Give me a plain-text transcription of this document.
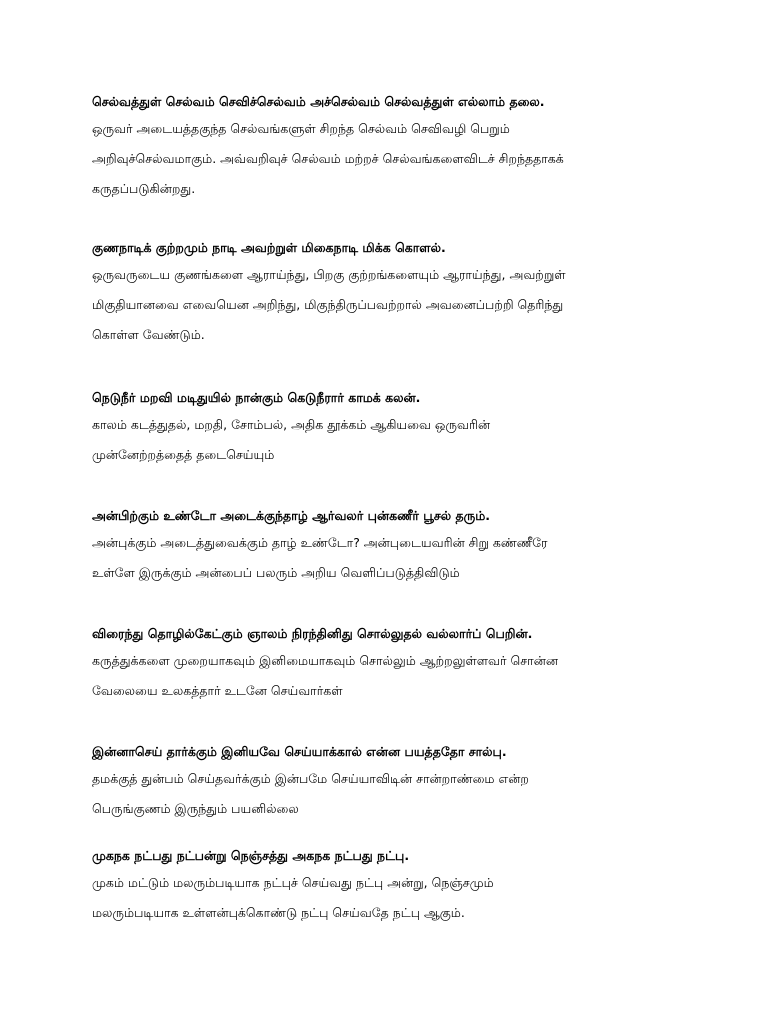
செல்வத்துள் செல்வம் செவிச்செல்வம் அச்செல்வம் செல்வத்துள் எல்லாம் தலை.
ஒருவர் அடையத்தகுந்த செல்வங்களுள் சிறந்த செல்வம் செவிவழி பெறும்
அறிவுச்செல்வமாகும். அவ்வறிவுச் செல்வம் மற்றச் செல்வங்களைவிடச் சிறந்ததாகக்
கருதப்படுகின்றது.
குணநாடிக் குற்றமும் நாடி அவற்றுள் மிகைநாடி மிக்க கொளல்.
ஒருவருடைய குணங்களை ஆராய்ந்து, பிறகு குற்றங்களையும் ஆராய்ந்து, அவற்றுள்
மிகுதியானவை எவையென அறிந்து, மிகுந்திருப்பவற்றால் அவனைப்பற்றி தெரிந்து
கொள்ள வேண்டும்.
நெடுநீர் மறவி மடிதுயில் நான்கும் கெடுநீரார் காமக் கலன்.
காலம் கடத்துதல், மறதி, சோம்பல், அதிக தூக்கம் ஆகியவை ஒருவரின்
முன்னேற்றத்தைத் தடைசெய்யும்
அன்பிற்கும் உண்டோ அடைக்குந்தாழ் ஆர்வலர் புன்கணீர் பூசல் தரும்.
அன்புக்கும் அடைத்துவைக்கும் தாழ் உண்டோ? அன்புடையவரின் சிறு கண்ணீரே
உள்ளே இருக்கும் அன்பைப் பலரும் அறிய வெளிப்படுத்திவிடும்
விரைந்து தொழில்கேட்கும் ஞாலம் நிரந்தினிது சொல்லுதல் வல்லார்ப் பெறின்.
கருத்துக்களை முறையாகவும் இனிமையாகவும் சொல்லும் ஆற்றலுள்ளவர் சொன்ன
வேலையை உலகத்தார் உடனே செய்வார்கள்
இன்னாசெய் தார்க்கும் இனியவே செய்யாக்கால் என்ன பயத்ததோ சால்பு.
தமக்குத் துன்பம் செய்தவர்க்கும் இன்பமே செய்யாவிடின் சான்றாண்மை என்ற
பெருங்குணம் இருந்தும் பயனில்லை
முகநக நட்பது நட்பன்று நெஞ்சத்து அகநக நட்பது நட்பு.
முகம் மட்டும் மலரும்படியாக நட்புச் செய்வது நட்பு அன்று, நெஞ்சமும்
மலரும்படியாக உள்ளன்புக்கொண்டு நட்பு செய்வதே நட்பு ஆகும்.
